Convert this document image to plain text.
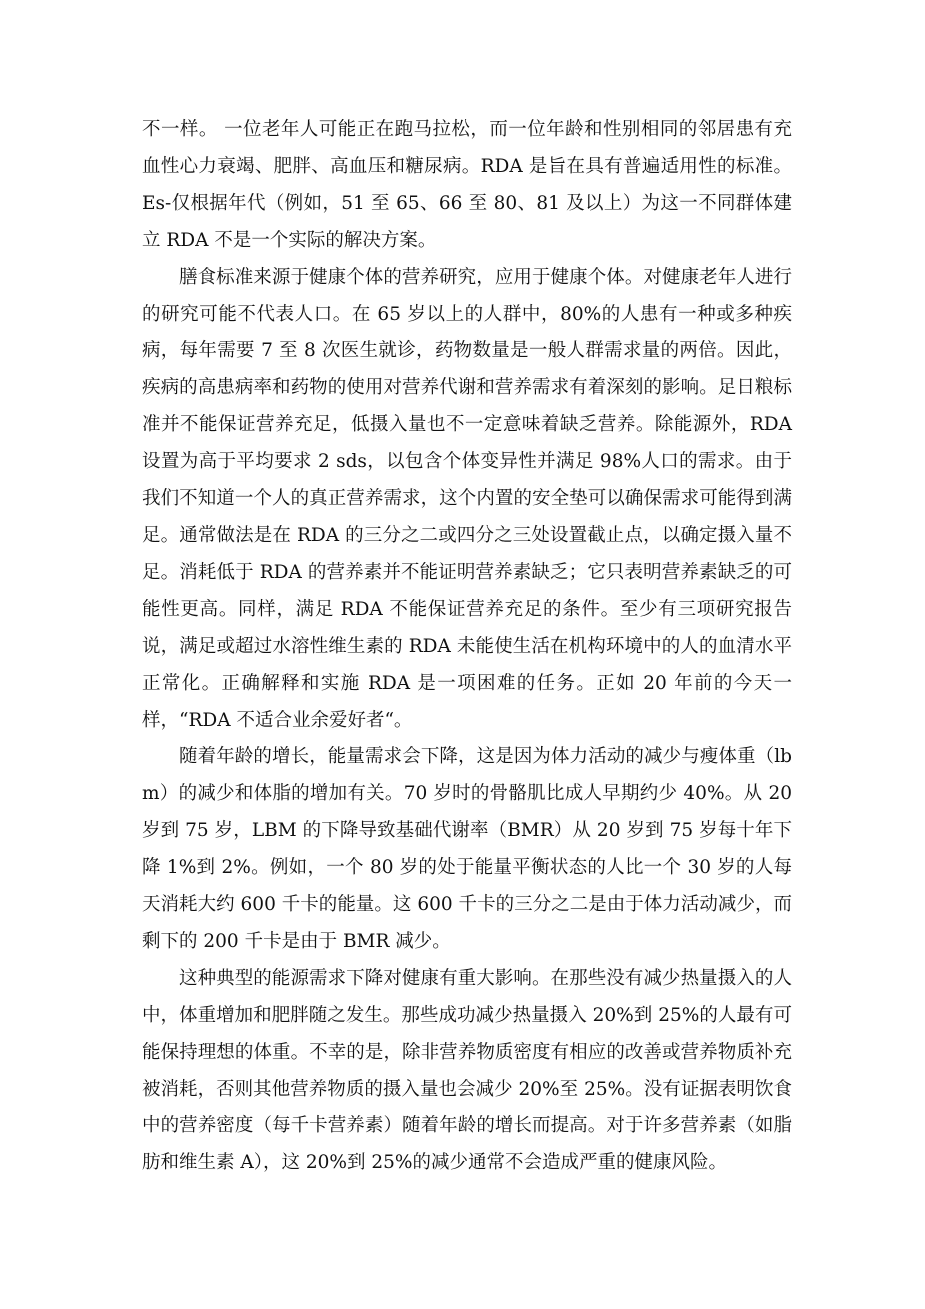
不一样。 一位老年人可能正在跑马拉松，而一位年龄和性别相同的邻居患有充血性心力衰竭、肥胖、高血压和糖尿病。RDA 是旨在具有普遍适用性的标准。Es-仅根据年代（例如，51 至 65、66 至 80、81 及以上）为这一不同群体建立 RDA 不是一个实际的解决方案。

膳食标准来源于健康个体的营养研究，应用于健康个体。对健康老年人进行的研究可能不代表人口。在 65 岁以上的人群中，80%的人患有一种或多种疾病，每年需要 7 至 8 次医生就诊，药物数量是一般人群需求量的两倍。因此，疾病的高患病率和药物的使用对营养代谢和营养需求有着深刻的影响。足日粮标准并不能保证营养充足，低摄入量也不一定意味着缺乏营养。除能源外，RDA 设置为高于平均要求 2 sds，以包含个体变异性并满足 98%人口的需求。由于我们不知道一个人的真正营养需求，这个内置的安全垫可以确保需求可能得到满足。通常做法是在 RDA 的三分之二或四分之三处设置截止点，以确定摄入量不足。消耗低于 RDA 的营养素并不能证明营养素缺乏；它只表明营养素缺乏的可能性更高。同样，满足 RDA 不能保证营养充足的条件。至少有三项研究报告说，满足或超过水溶性维生素的 RDA 未能使生活在机构环境中的人的血清水平正常化。正确解释和实施 RDA 是一项困难的任务。正如 20 年前的今天一样，“RDA 不适合业余爱好者“。

随着年龄的增长，能量需求会下降，这是因为体力活动的减少与瘦体重（lbm）的减少和体脂的增加有关。70 岁时的骨骼肌比成人早期约少 40%。从 20 岁到 75 岁，LBM 的下降导致基础代谢率（BMR）从 20 岁到 75 岁每十年下降 1%到 2%。例如，一个 80 岁的处于能量平衡状态的人比一个 30 岁的人每天消耗大约 600 千卡的能量。这 600 千卡的三分之二是由于体力活动减少，而剩下的 200 千卡是由于 BMR 减少。

这种典型的能源需求下降对健康有重大影响。在那些没有减少热量摄入的人中，体重增加和肥胖随之发生。那些成功减少热量摄入 20%到 25%的人最有可能保持理想的体重。不幸的是，除非营养物质密度有相应的改善或营养物质补充被消耗，否则其他营养物质的摄入量也会减少 20%至 25%。没有证据表明饮食中的营养密度（每千卡营养素）随着年龄的增长而提高。对于许多营养素（如脂肪和维生素 A），这 20%到 25%的减少通常不会造成严重的健康风险。
